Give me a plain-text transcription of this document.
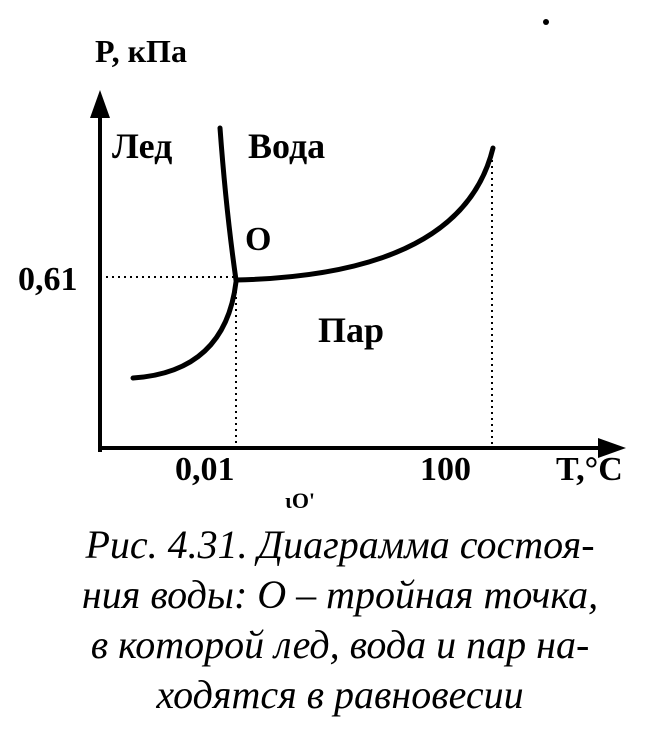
P, кПа
T,°C
0,61
0,01	100
Лед Вода
Пар
O
ιΟ'
Рис. 4.31. Диаграмма состоя-
ния воды: О – тройная точка,
в которой лед, вода и пар на-
ходятся в равновесии
